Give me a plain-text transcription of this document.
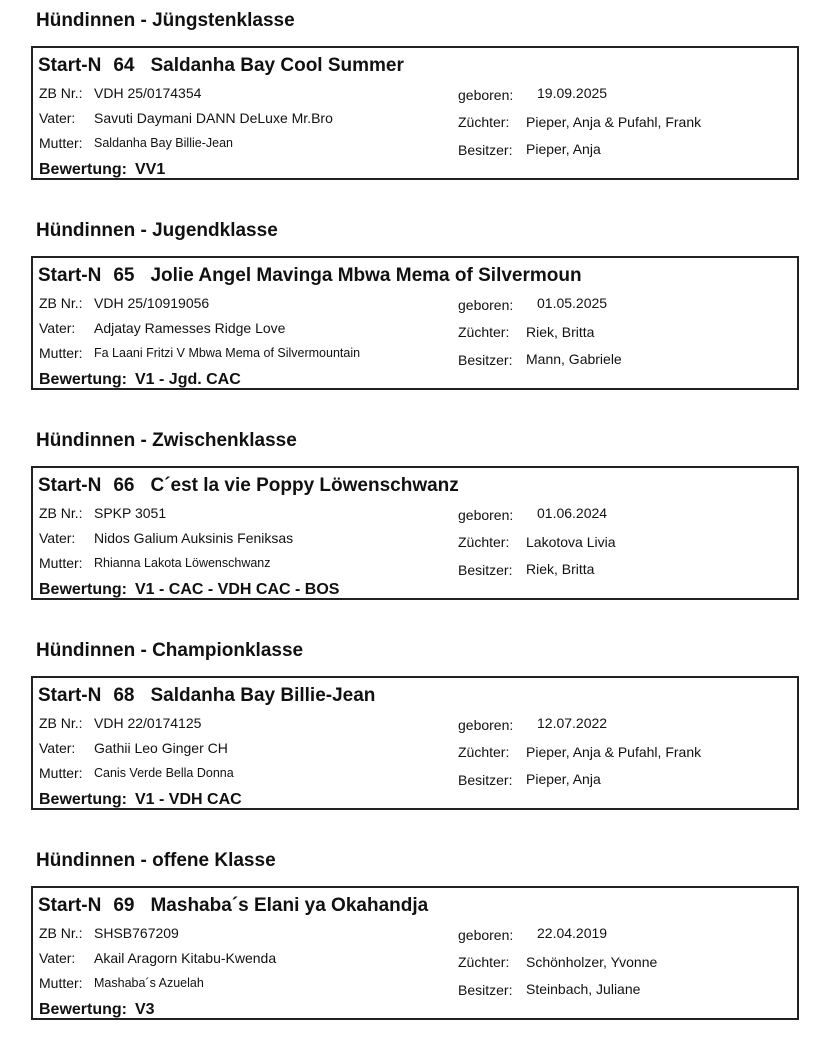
Hündinnen - Jüngstenklasse
Start-N 64 Saldanha Bay Cool Summer
ZB Nr.: VDH 25/0174354
Vater: Savuti Daymani DANN DeLuxe Mr.Bro
Mutter: Saldanha Bay Billie-Jean
Bewertung: VV1
geboren: 19.09.2025
Züchter: Pieper, Anja & Pufahl, Frank
Besitzer: Pieper, Anja
Hündinnen - Jugendklasse
Start-N 65 Jolie Angel Mavinga Mbwa Mema of Silvermoun
ZB Nr.: VDH 25/10919056
Vater: Adjatay Ramesses Ridge Love
Mutter: Fa Laani Fritzi V Mbwa Mema of Silvermountain
Bewertung: V1 - Jgd. CAC
geboren: 01.05.2025
Züchter: Riek, Britta
Besitzer: Mann, Gabriele
Hündinnen - Zwischenklasse
Start-N 66 C´est la vie Poppy Löwenschwanz
ZB Nr.: SPKP 3051
Vater: Nidos Galium Auksinis Feniksas
Mutter: Rhianna Lakota Löwenschwanz
Bewertung: V1 - CAC - VDH CAC - BOS
geboren: 01.06.2024
Züchter: Lakotova Livia
Besitzer: Riek, Britta
Hündinnen - Championklasse
Start-N 68 Saldanha Bay Billie-Jean
ZB Nr.: VDH 22/0174125
Vater: Gathii Leo Ginger CH
Mutter: Canis Verde Bella Donna
Bewertung: V1 - VDH CAC
geboren: 12.07.2022
Züchter: Pieper, Anja & Pufahl, Frank
Besitzer: Pieper, Anja
Hündinnen - offene Klasse
Start-N 69 Mashaba´s Elani ya Okahandja
ZB Nr.: SHSB767209
Vater: Akail Aragorn Kitabu-Kwenda
Mutter: Mashaba´s Azuelah
Bewertung: V3
geboren: 22.04.2019
Züchter: Schönholzer, Yvonne
Besitzer: Steinbach, Juliane
